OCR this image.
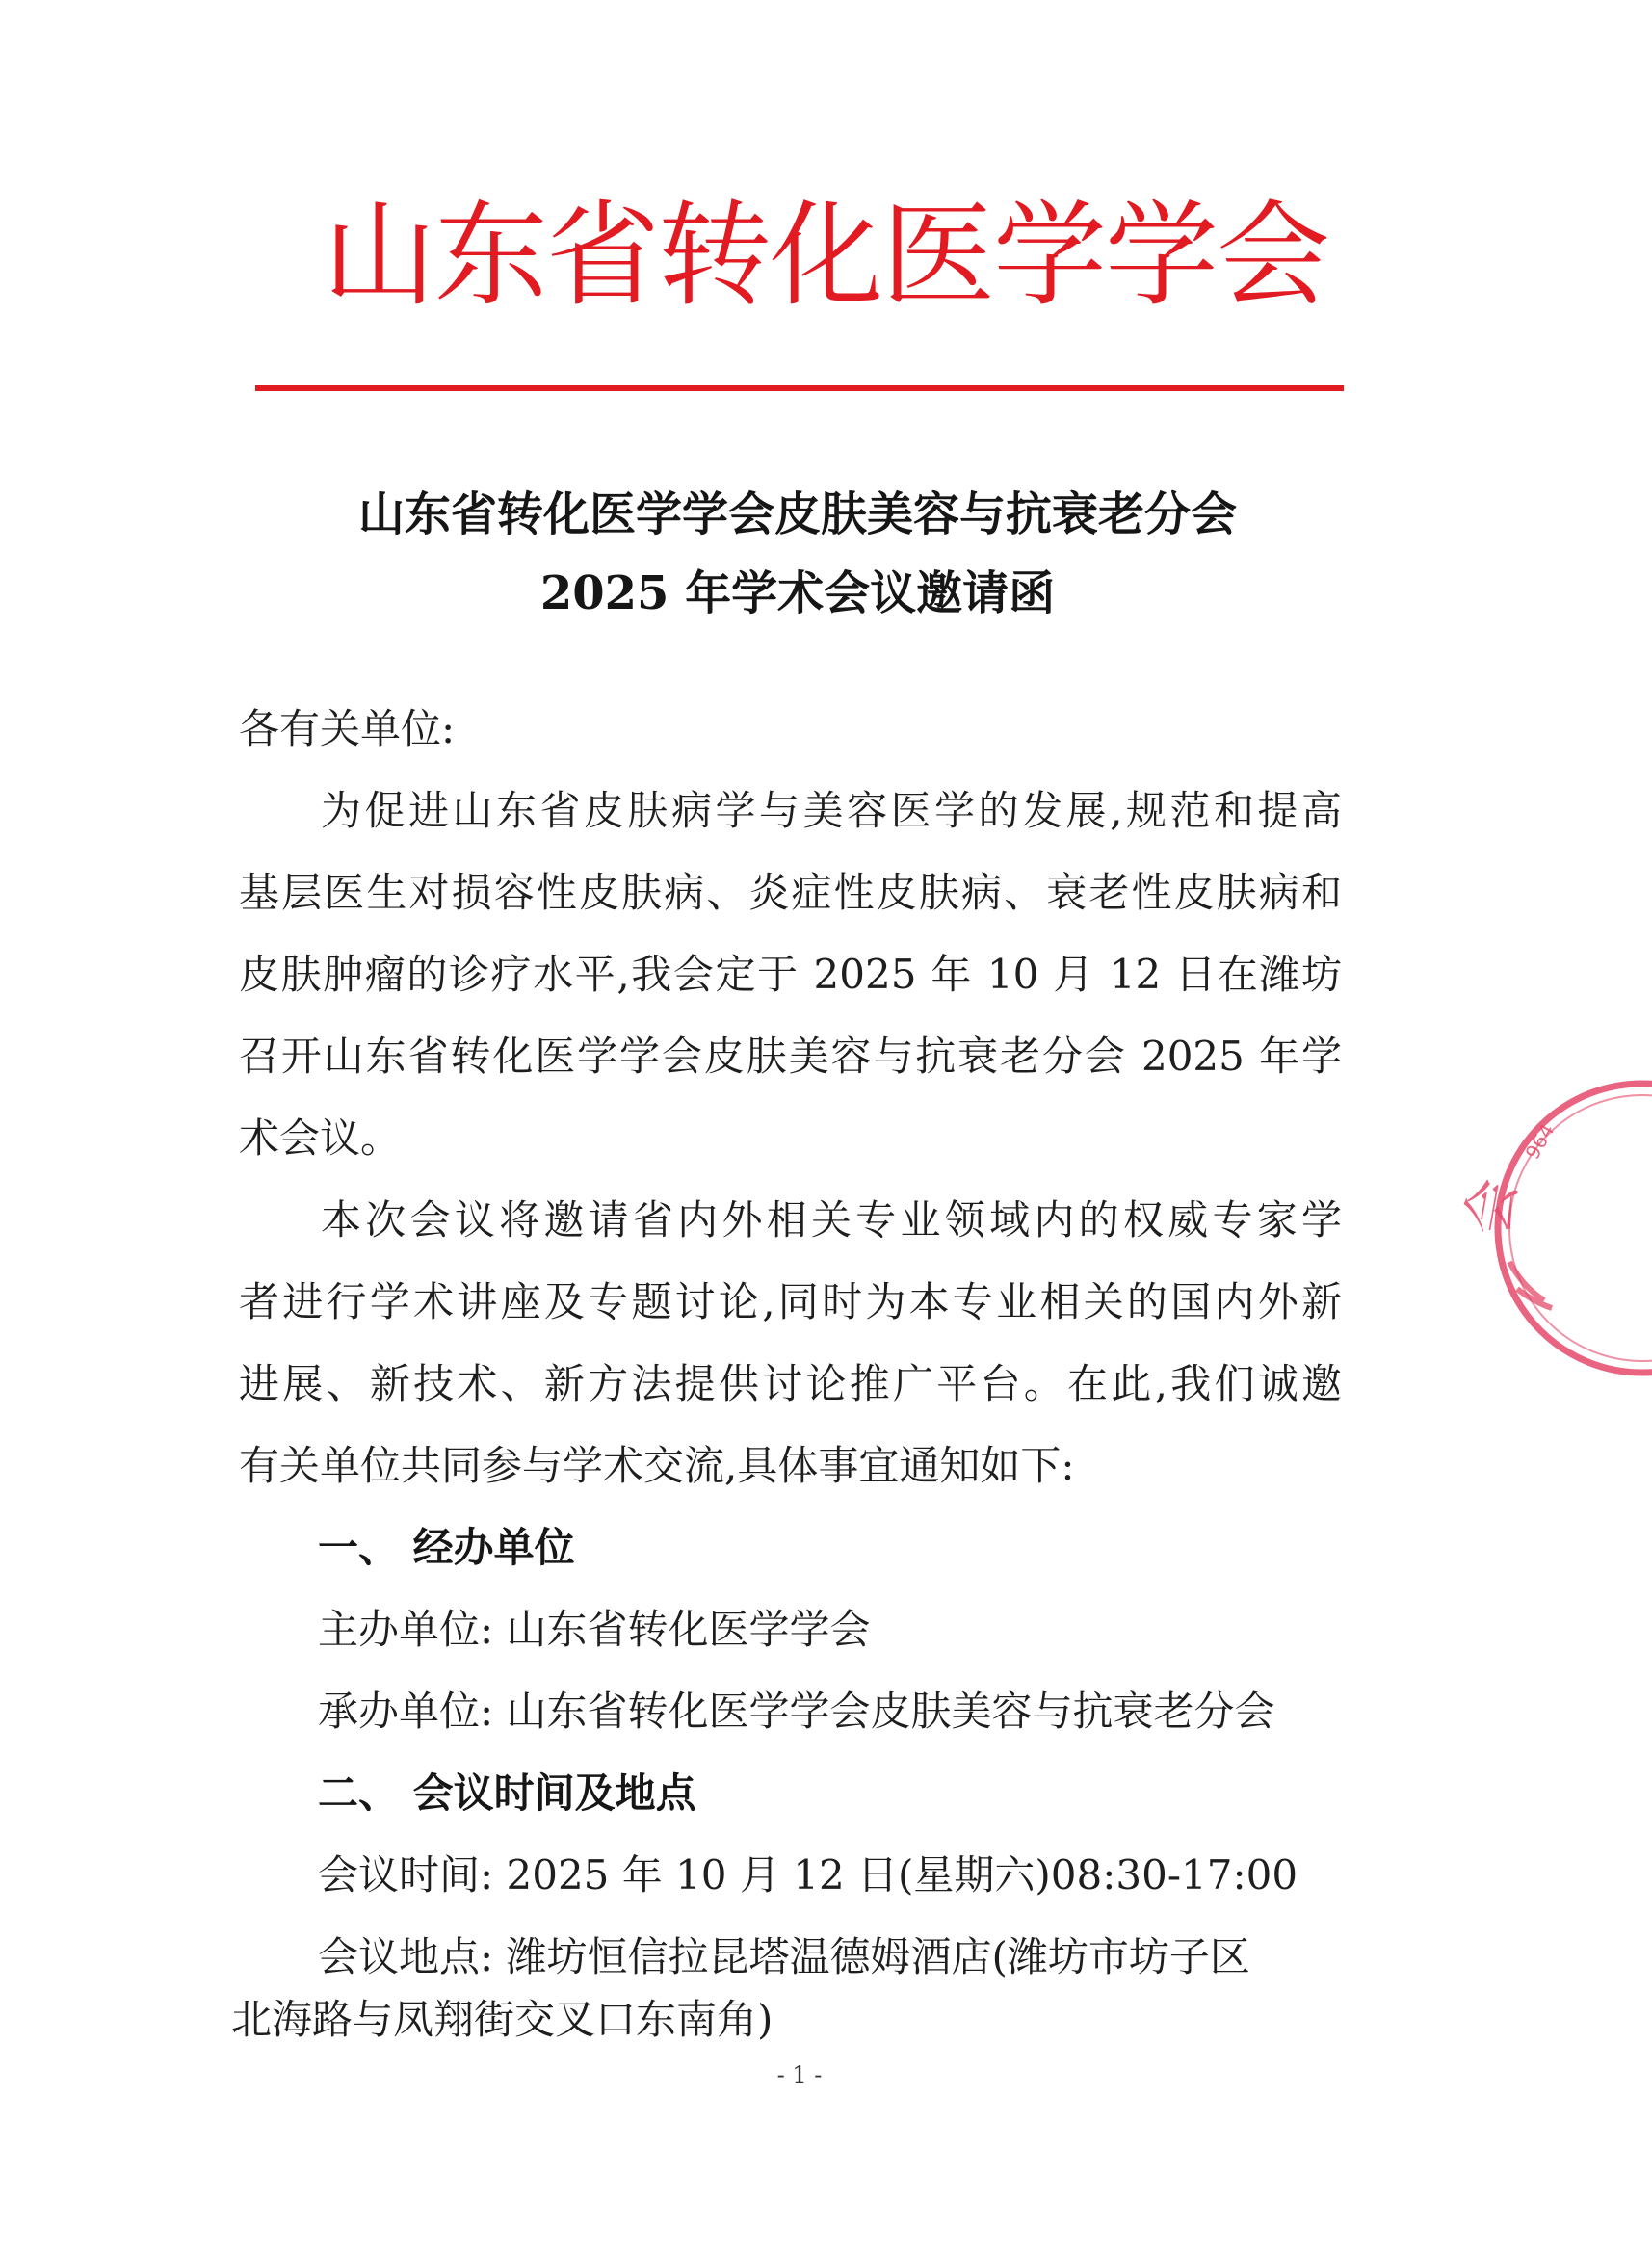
山东省转化医学学会
山东省转化医学学会皮肤美容与抗衰老分会
2025 年学术会议邀请函
各有关单位:
为促进山东省皮肤病学与美容医学的发展,规范和提高
基层医生对损容性皮肤病、炎症性皮肤病、衰老性皮肤病和
皮肤肿瘤的诊疗水平,我会定于 2025 年 10 月 12 日在潍坊
召开山东省转化医学学会皮肤美容与抗衰老分会 2025 年学
术会议。
本次会议将邀请省内外相关专业领域内的权威专家学
者进行学术讲座及专题讨论,同时为本专业相关的国内外新
进展、新技术、新方法提供讨论推广平台。在此,我们诚邀
有关单位共同参与学术交流,具体事宜通知如下:
一、 经办单位
主办单位: 山东省转化医学学会
承办单位: 山东省转化医学学会皮肤美容与抗衰老分会
二、 会议时间及地点
会议时间: 2025 年 10 月 12 日(星期六)08:30-17:00
会议地点: 潍坊恒信拉昆塔温德姆酒店(潍坊市坊子区
北海路与凤翔街交叉口东南角)
- 1 -
964
会
